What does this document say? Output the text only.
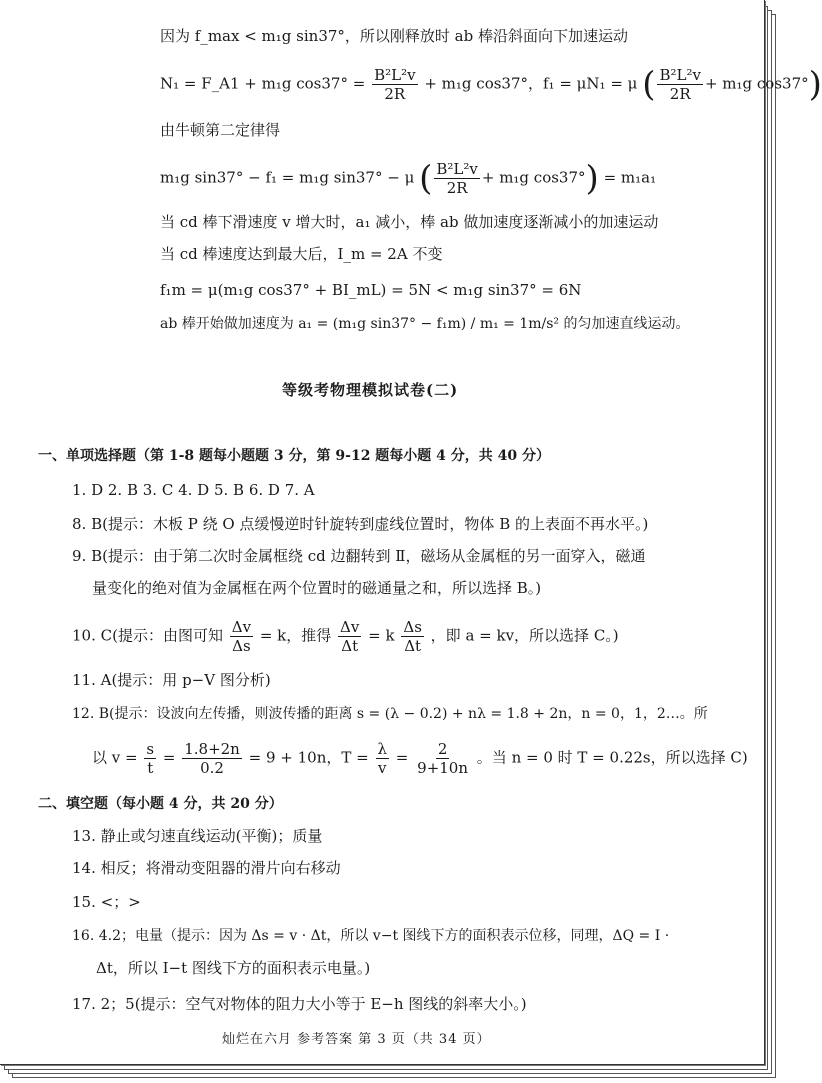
因为 f_max < m₁g sin37°，所以刚释放时 ab 棒沿斜面向下加速运动
N₁ = F_A1 + m₁g $\cos 37^\circ = \frac{\text{B²L²v}}{2R} + m_1g$ cos37°，f₁ = μN₁ = μ ( $\frac{\text{B²L²v}}{2R} + m_1g$ cos37°)
由牛顿第二定律得
m₁g sin37° − f₁ = m₁g sin37° − μ ( $\frac{\text{B²L²v}}{2R} + m_1g$ cos37°) = m₁a₁
当 cd 棒下滑速度 v 增大时，a₁ 减小，棒 ab 做加速度逐渐减小的加速运动
当 cd 棒速度达到最大后，I_m = 2A 不变
f₁m = μ(m₁g cos37° + BI_mL) = 5N < m₁g sin37° = 6N
ab 棒开始做加速度为 a₁ = (m₁g sin37° − f₁m) / m₁ = 1m/s² 的匀加速直线运动。
等级考物理模拟试卷(二)
一、单项选择题（第 1-8 题每小题题 3 分，第 9-12 题每小题 4 分，共 40 分）
1. D 2. B 3. C 4. D 5. B 6. D 7. A
8. B(提示：木板 P 绕 O 点缓慢逆时针旋转到虚线位置时，物体 B 的上表面不再水平。)
9. B(提示：由于第二次时金属框绕 cd 边翻转到 Ⅱ，磁场从金属框的另一面穿入，磁通
量变化的绝对值为金属框在两个位置时的磁通量之和，所以选择 B。)
10. C(提示：由图可知 $\frac{\Delta v}{\Delta s} = k$，推得 $\frac{\Delta v}{\Delta t} = k \frac{\Delta s}{\Delta t}$ ，即 a = kv，所以选择 C。)
11. A(提示：用 p−V 图分析)
12. B(提示：设波向左传播，则波传播的距离 s = (λ − 0.2) + nλ = 1.8 + 2n，n = 0，1，2…。所
以 $v = \frac{s}{t} = \frac{1.8+2n}{0.2} = 9 + 10n$，$T = \frac{\lambda}{v} = \frac{2}{9+10n}$ 。当 n = 0 时 T = 0.22s，所以选择 C)
二、填空题（每小题 4 分，共 20 分）
13. 静止或匀速直线运动(平衡)；质量
14. 相反；将滑动变阻器的滑片向右移动
15. <；>
16. 4.2；电量（提示：因为 Δs = v · Δt，所以 v−t 图线下方的面积表示位移，同理，ΔQ = I ·
Δt，所以 I−t 图线下方的面积表示电量。)
17. 2；5(提示：空气对物体的阻力大小等于 E−h 图线的斜率大小。)
灿烂在六月 参考答案 第 3 页（共 34 页）
